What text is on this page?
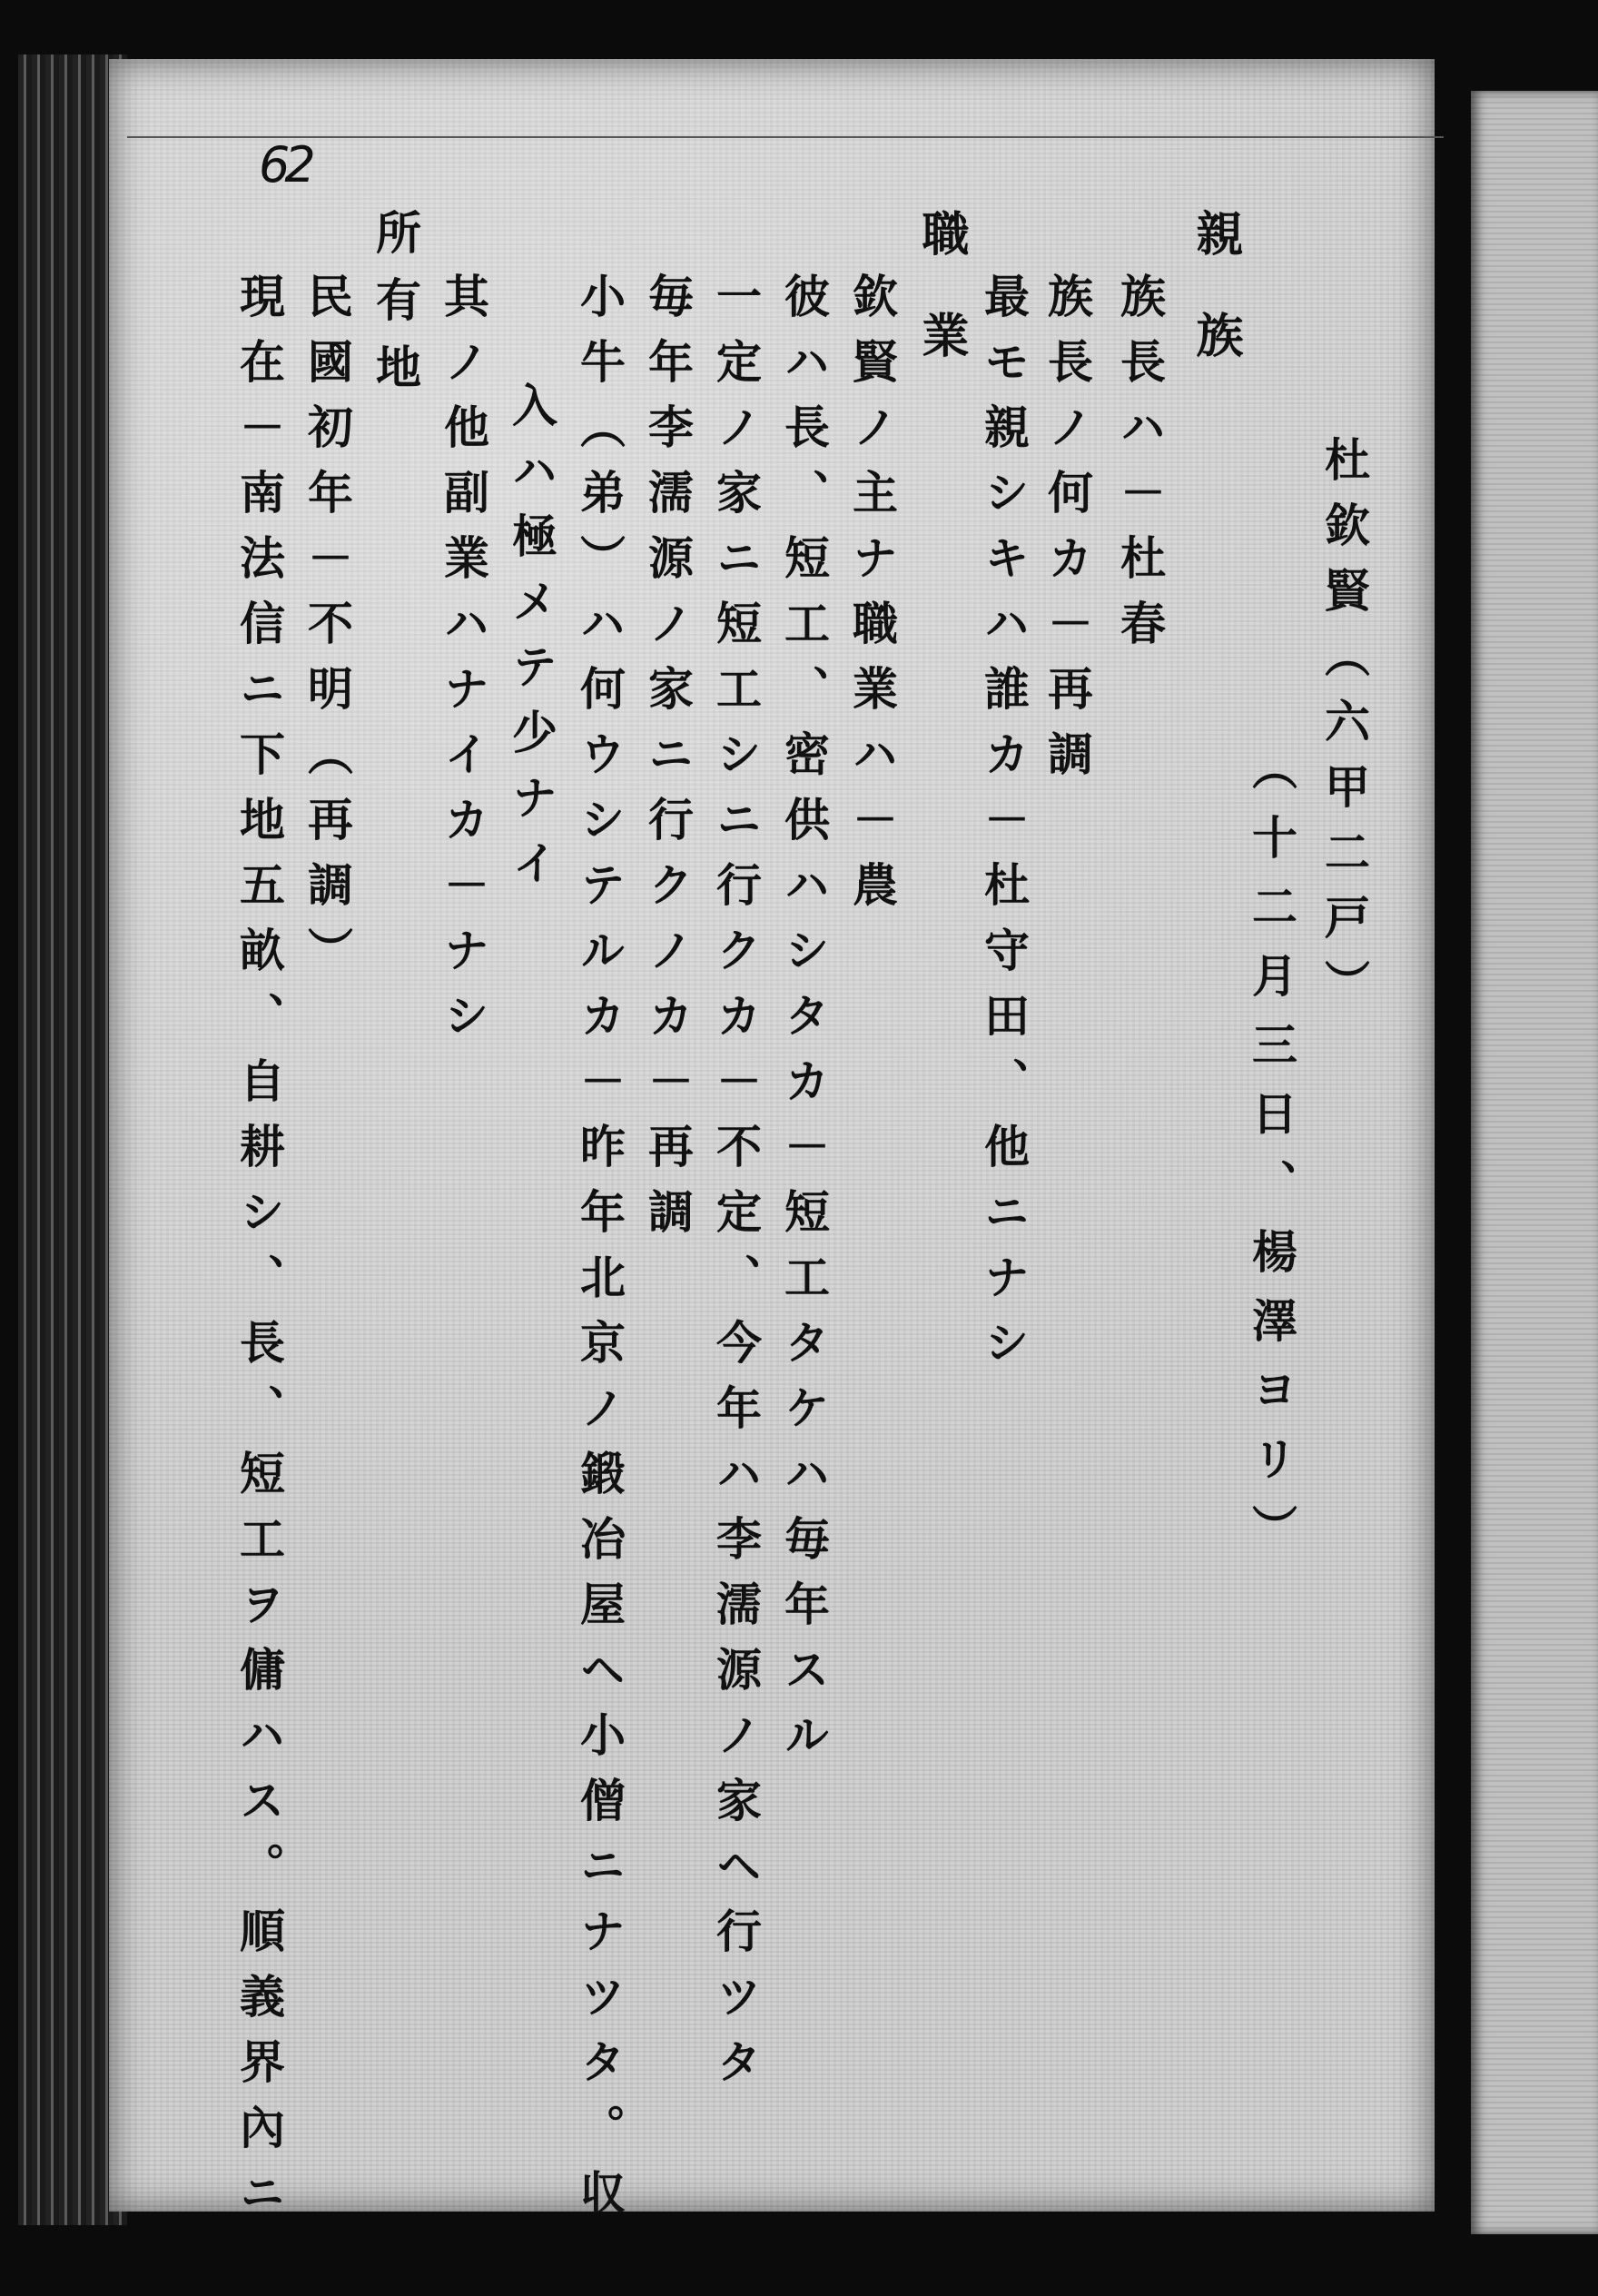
62
杜欽賢（六甲二戸）
（十二月三日、楊澤ヨリ）
親族
族長ハ－杜春
族長ノ何カ－再調
最モ親シキハ誰カ－杜守田、他ニナシ
職業
欽賢ノ主ナ職業ハ－農
彼ハ長、短工、密供ハシタカ－短工タケハ毎年スル
一定ノ家ニ短工シニ行クカ－不定、今年ハ李濡源ノ家ヘ行ツタ
毎年李濡源ノ家ニ行クノカ－再調
小牛（弟）ハ何ウシテルカ－昨年北京ノ鍛冶屋ヘ小僧ニナツタ。収
入ハ極メテ少ナイ
其ノ他副業ハナイカ－ナシ
所有地
民國初年－不明（再調）
現在－南法信ニ下地五畝、自耕シ、長、短工ヲ傭ハス。順義界內ニ
